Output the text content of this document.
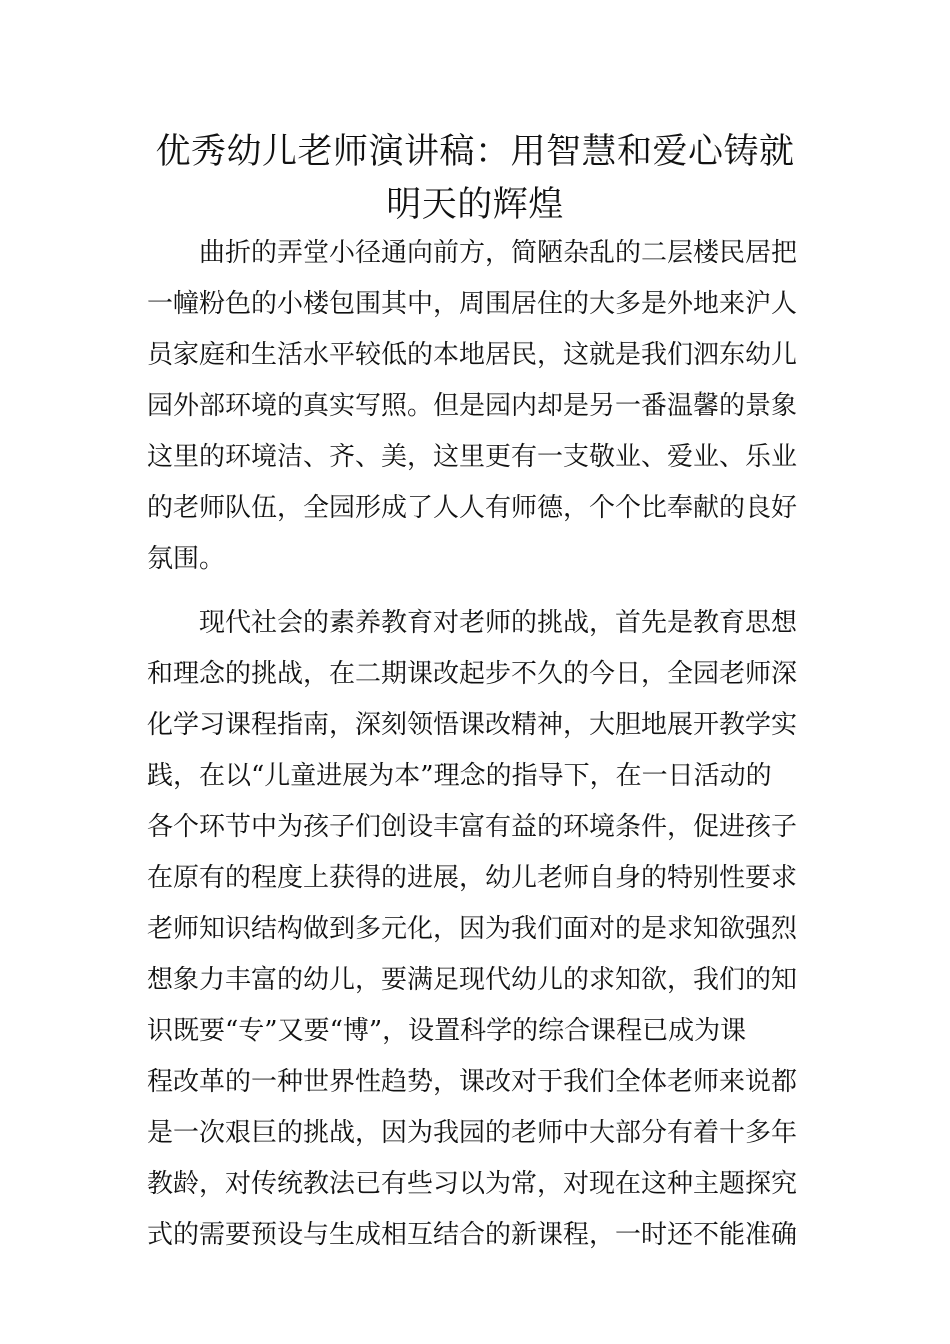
优秀幼儿老师演讲稿：用智慧和爱心铸就
明天的辉煌

曲折的弄堂小径通向前方，简陋杂乱的二层楼民居把
一幢粉色的小楼包围其中，周围居住的大多是外地来沪人
员家庭和生活水平较低的本地居民，这就是我们泗东幼儿
园外部环境的真实写照。但是园内却是另一番温馨的景象
这里的环境洁、齐、美，这里更有一支敬业、爱业、乐业
的老师队伍，全园形成了人人有师德，个个比奉献的良好
氛围。

现代社会的素养教育对老师的挑战，首先是教育思想
和理念的挑战，在二期课改起步不久的今日，全园老师深
化学习课程指南，深刻领悟课改精神，大胆地展开教学实
践，在以“儿童进展为本”理念的指导下，在一日活动的
各个环节中为孩子们创设丰富有益的环境条件，促进孩子
在原有的程度上获得的进展，幼儿老师自身的特别性要求
老师知识结构做到多元化，因为我们面对的是求知欲强烈
想象力丰富的幼儿，要满足现代幼儿的求知欲，我们的知
识既要“专”又要“博”，设置科学的综合课程已成为课
程改革的一种世界性趋势，课改对于我们全体老师来说都
是一次艰巨的挑战，因为我园的老师中大部分有着十多年
教龄，对传统教法已有些习以为常，对现在这种主题探究
式的需要预设与生成相互结合的新课程，一时还不能准确
